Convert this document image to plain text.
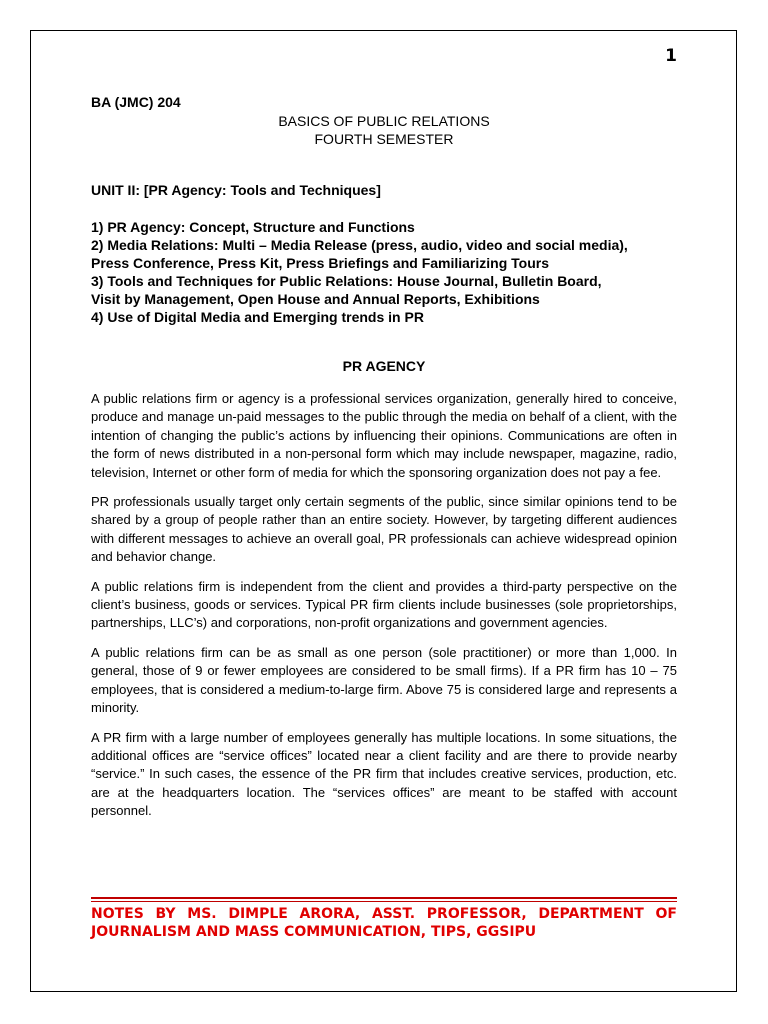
1
BA (JMC) 204
BASICS OF PUBLIC RELATIONS
FOURTH SEMESTER
UNIT II: [PR Agency: Tools and Techniques]
1) PR Agency: Concept, Structure and Functions
2) Media Relations: Multi – Media Release (press, audio, video and social media),
Press Conference, Press Kit, Press Briefings and Familiarizing Tours
3) Tools and Techniques for Public Relations: House Journal, Bulletin Board,
Visit by Management, Open House and Annual Reports, Exhibitions
4) Use of Digital Media and Emerging trends in PR
PR AGENCY

A public relations firm or agency is a professional services organization, generally hired to conceive, produce and manage un-paid messages to the public through the media on behalf of a client, with the intention of changing the public’s actions by influencing their opinions. Communications are often in the form of news distributed in a non-personal form which may include newspaper, magazine, radio, television, Internet or other form of media for which the sponsoring organization does not pay a fee.

PR professionals usually target only certain segments of the public, since similar opinions tend to be shared by a group of people rather than an entire society. However, by targeting different audiences with different messages to achieve an overall goal, PR professionals can achieve widespread opinion and behavior change.

A public relations firm is independent from the client and provides a third-party perspective on the client’s business, goods or services. Typical PR firm clients include businesses (sole proprietorships, partnerships, LLC’s) and corporations, non-profit organizations and government agencies.

A public relations firm can be as small as one person (sole practitioner) or more than 1,000. In general, those of 9 or fewer employees are considered to be small firms). If a PR firm has 10 – 75 employees, that is considered a medium-to-large firm. Above 75 is considered large and represents a minority.

A PR firm with a large number of employees generally has multiple locations. In some situations, the additional offices are “service offices” located near a client facility and are there to provide nearby “service.” In such cases, the essence of the PR firm that includes creative services, production, etc. are at the headquarters location. The “services offices” are meant to be staffed with account personnel.

NOTES BY MS. DIMPLE ARORA, ASST. PROFESSOR, DEPARTMENT OF JOURNALISM AND MASS COMMUNICATION, TIPS, GGSIPU
